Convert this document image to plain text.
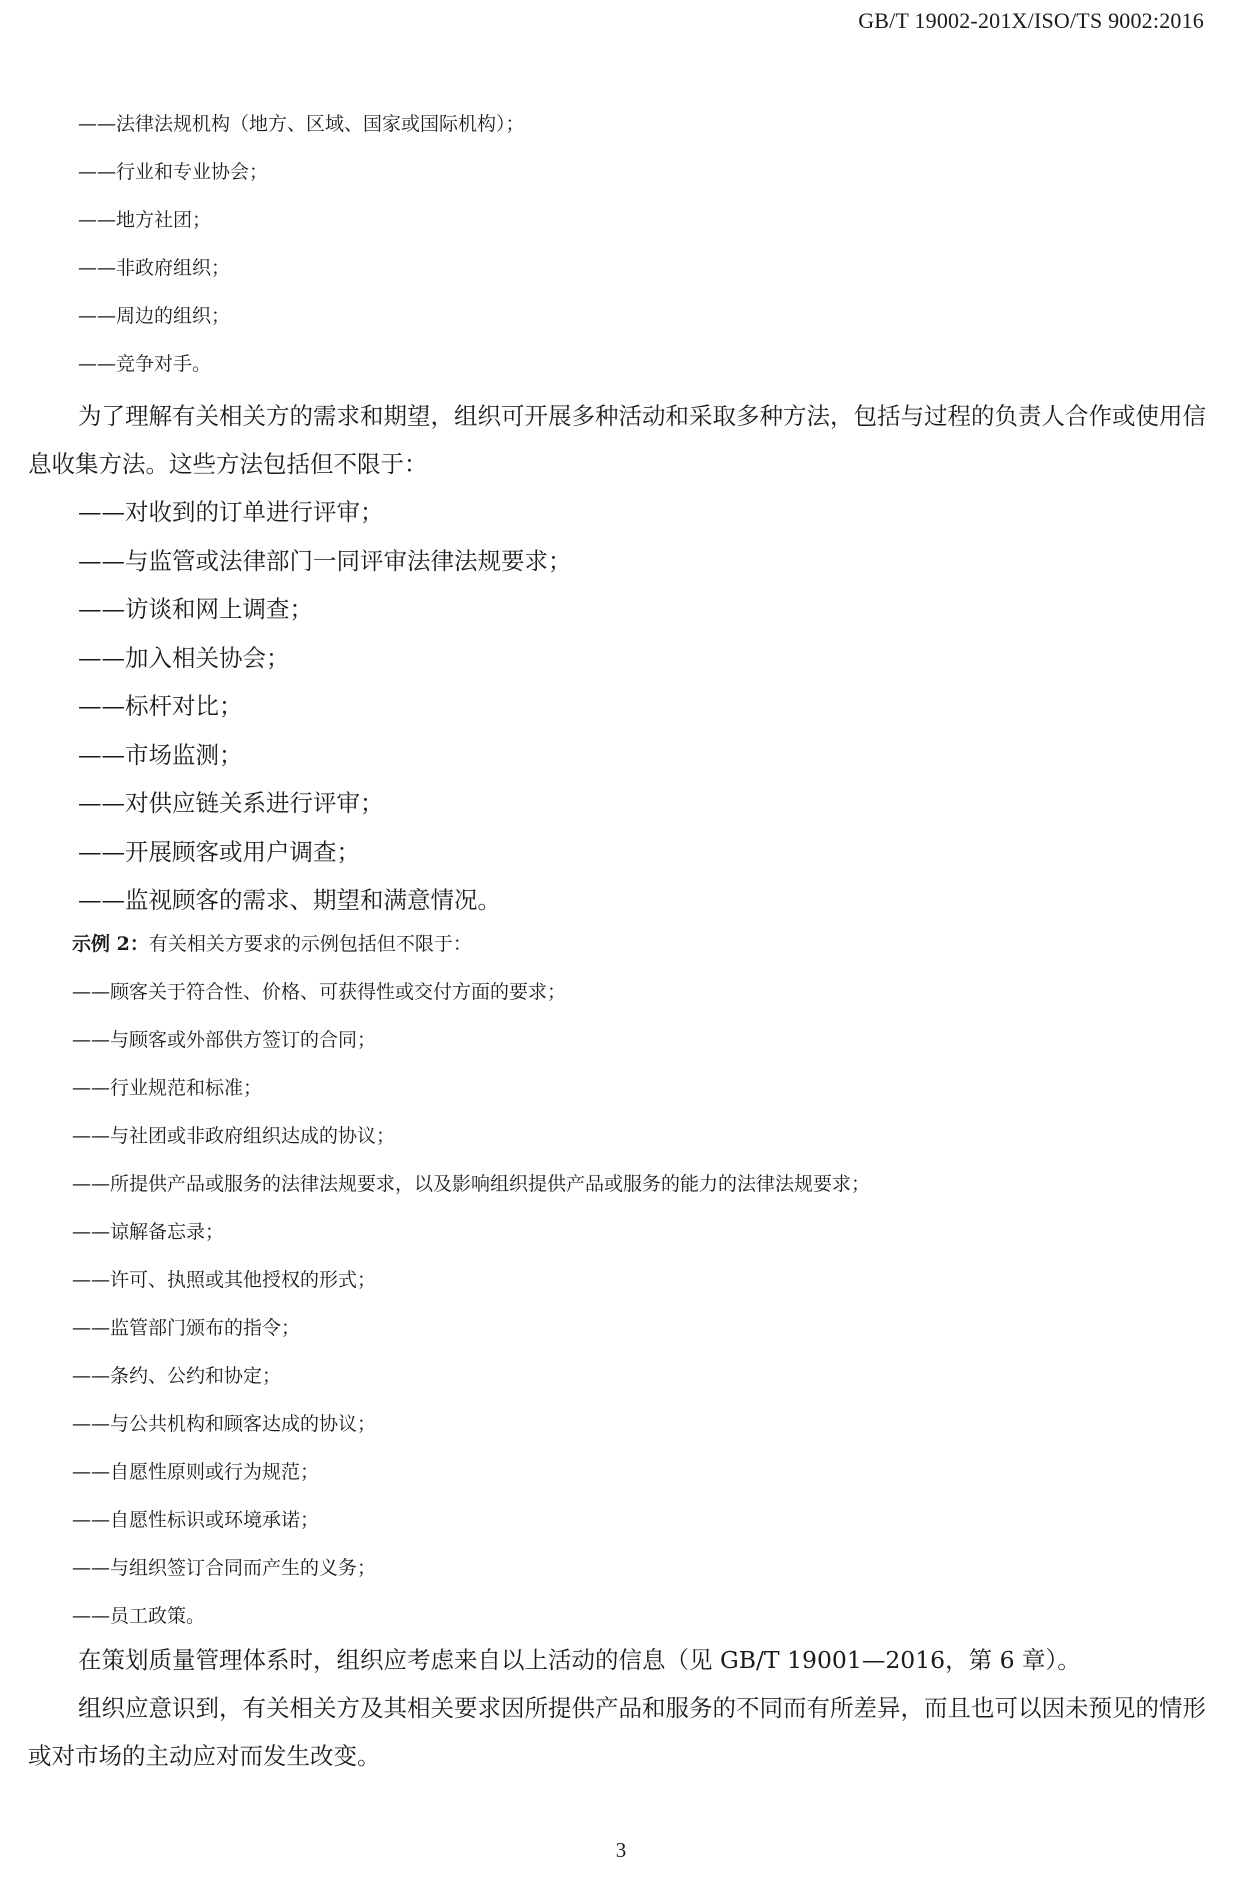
GB/T 19002-201X/ISO/TS 9002:2016
——法律法规机构（地方、区域、国家或国际机构）；
——行业和专业协会；
——地方社团；
——非政府组织；
——周边的组织；
——竞争对手。

为了理解有关相关方的需求和期望，组织可开展多种活动和采取多种方法，包括与过程的负责人合作或使用信息收集方法。这些方法包括但不限于：

——对收到的订单进行评审；
——与监管或法律部门一同评审法律法规要求；
——访谈和网上调查；
——加入相关协会；
——标杆对比；
——市场监测；
——对供应链关系进行评审；
——开展顾客或用户调查；
——监视顾客的需求、期望和满意情况。
示例 2：有关相关方要求的示例包括但不限于：
——顾客关于符合性、价格、可获得性或交付方面的要求；
——与顾客或外部供方签订的合同；
——行业规范和标准；
——与社团或非政府组织达成的协议；
——所提供产品或服务的法律法规要求，以及影响组织提供产品或服务的能力的法律法规要求；
——谅解备忘录；
——许可、执照或其他授权的形式；
——监管部门颁布的指令；
——条约、公约和协定；
——与公共机构和顾客达成的协议；
——自愿性原则或行为规范；
——自愿性标识或环境承诺；
——与组织签订合同而产生的义务；
——员工政策。

在策划质量管理体系时，组织应考虑来自以上活动的信息（见 GB/T 19001—2016，第 6 章）。

组织应意识到，有关相关方及其相关要求因所提供产品和服务的不同而有所差异，而且也可以因未预见的情形或对市场的主动应对而发生改变。

3
